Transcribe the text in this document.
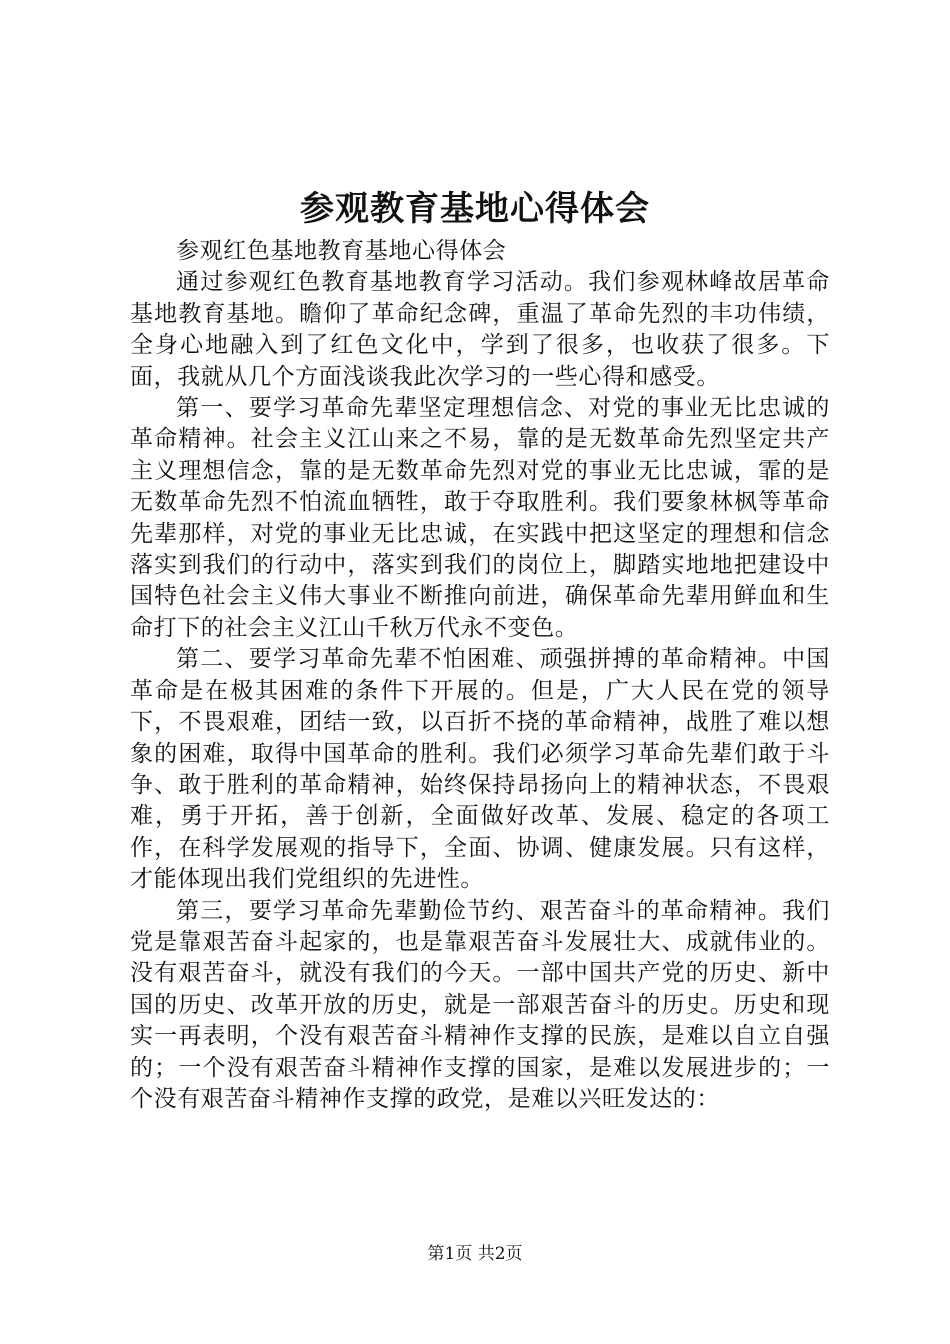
参观教育基地心得体会

参观红色基地教育基地心得体会

通过参观红色教育基地教育学习活动。我们参观林峰故居革命基地教育基地。瞻仰了革命纪念碑，重温了革命先烈的丰功伟绩，全身心地融入到了红色文化中，学到了很多，也收获了很多。下面，我就从几个方面浅谈我此次学习的一些心得和感受。

第一、要学习革命先辈坚定理想信念、对党的事业无比忠诚的革命精神。社会主义江山来之不易，靠的是无数革命先烈坚定共产主义理想信念，靠的是无数革命先烈对党的事业无比忠诚，霏的是无数革命先烈不怕流血牺牲，敢于夺取胜利。我们要象林枫等革命先辈那样，对党的事业无比忠诚，在实践中把这坚定的理想和信念落实到我们的行动中，落实到我们的岗位上，脚踏实地地把建设中国特色社会主义伟大事业不断推向前进，确保革命先辈用鲜血和生命打下的社会主义江山千秋万代永不变色。

第二、要学习革命先辈不怕困难、顽强拼搏的革命精神。中国革命是在极其困难的条件下开展的。但是，广大人民在党的领导下，不畏艰难，团结一致，以百折不挠的革命精神，战胜了难以想象的困难，取得中国革命的胜利。我们必须学习革命先辈们敢于斗争、敢于胜利的革命精神，始终保持昂扬向上的精神状态，不畏艰难，勇于开拓，善于创新，全面做好改革、发展、稳定的各项工作，在科学发展观的指导下，全面、协调、健康发展。只有这样，才能体现出我们党组织的先进性。

第三，要学习革命先辈勤俭节约、艰苦奋斗的革命精神。我们党是靠艰苦奋斗起家的，也是靠艰苦奋斗发展壮大、成就伟业的。没有艰苦奋斗，就没有我们的今天。一部中国共产党的历史、新中国的历史、改革开放的历史，就是一部艰苦奋斗的历史。历史和现实一再表明，个没有艰苦奋斗精神作支撑的民族，是难以自立自强的；一个没有艰苦奋斗精神作支撑的国家，是难以发展进步的；一个没有艰苦奋斗精神作支撑的政党，是难以兴旺发达的：

第1页 共2页
